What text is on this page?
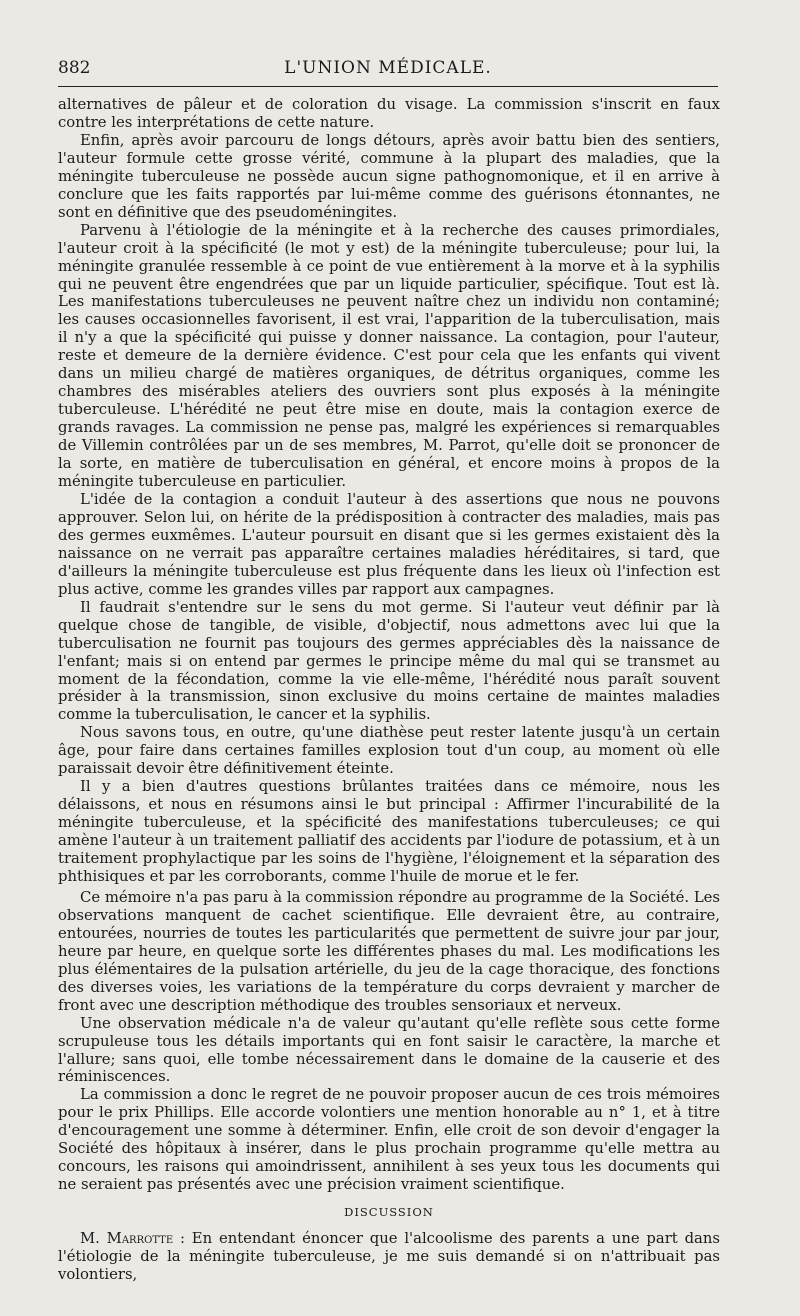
882	L'UNION MÉDICALE.

alternatives de pâleur et de coloration du visage. La commission s'inscrit en faux contre les interprétations de cette nature.

Enfin, après avoir parcouru de longs détours, après avoir battu bien des sentiers, l'auteur formule cette grosse vérité, commune à la plupart des maladies, que la méningite tuberculeuse ne possède aucun signe pathognomonique, et il en arrive à conclure que les faits rapportés par lui-même comme des guérisons étonnantes, ne sont en définitive que des pseudoméningites.

Parvenu à l'étiologie de la méningite et à la recherche des causes primordiales, l'auteur croit à la spécificité (le mot y est) de la méningite tuberculeuse; pour lui, la méningite granulée ressemble à ce point de vue entièrement à la morve et à la syphilis qui ne peuvent être engendrées que par un liquide particulier, spécifique. Tout est là. Les manifestations tuberculeuses ne peuvent naître chez un individu non contaminé; les causes occasionnelles favorisent, il est vrai, l'apparition de la tuberculisation, mais il n'y a que la spécificité qui puisse y donner naissance. La contagion, pour l'auteur, reste et demeure de la dernière évidence. C'est pour cela que les enfants qui vivent dans un milieu chargé de matières organiques, de détritus organiques, comme les chambres des misérables ateliers des ouvriers sont plus exposés à la méningite tuberculeuse. L'hérédité ne peut être mise en doute, mais la contagion exerce de grands ravages. La commission ne pense pas, malgré les expériences si remarquables de Villemin contrôlées par un de ses membres, M. Parrot, qu'elle doit se prononcer de la sorte, en matière de tuberculisation en général, et encore moins à propos de la méningite tuberculeuse en particulier.

L'idée de la contagion a conduit l'auteur à des assertions que nous ne pouvons approuver. Selon lui, on hérite de la prédisposition à contracter des maladies, mais pas des germes euxmêmes. L'auteur poursuit en disant que si les germes existaient dès la naissance on ne verrait pas apparaître certaines maladies héréditaires, si tard, que d'ailleurs la méningite tuberculeuse est plus fréquente dans les lieux où l'infection est plus active, comme les grandes villes par rapport aux campagnes.

Il faudrait s'entendre sur le sens du mot germe. Si l'auteur veut définir par là quelque chose de tangible, de visible, d'objectif, nous admettons avec lui que la tuberculisation ne fournit pas toujours des germes appréciables dès la naissance de l'enfant; mais si on entend par germes le principe même du mal qui se transmet au moment de la fécondation, comme la vie elle-même, l'hérédité nous paraît souvent présider à la transmission, sinon exclusive du moins certaine de maintes maladies comme la tuberculisation, le cancer et la syphilis.

Nous savons tous, en outre, qu'une diathèse peut rester latente jusqu'à un certain âge, pour faire dans certaines familles explosion tout d'un coup, au moment où elle paraissait devoir être définitivement éteinte.

Il y a bien d'autres questions brûlantes traitées dans ce mémoire, nous les délaissons, et nous en résumons ainsi le but principal : Affirmer l'incurabilité de la méningite tuberculeuse, et la spécificité des manifestations tuberculeuses; ce qui amène l'auteur à un traitement palliatif des accidents par l'iodure de potassium, et à un traitement prophylactique par les soins de l'hygiène, l'éloignement et la séparation des phthisiques et par les corroborants, comme l'huile de morue et le fer.

Ce mémoire n'a pas paru à la commission répondre au programme de la Société. Les observations manquent de cachet scientifique. Elle devraient être, au contraire, entourées, nourries de toutes les particularités que permettent de suivre jour par jour, heure par heure, en quelque sorte les différentes phases du mal. Les modifications les plus élémentaires de la pulsation artérielle, du jeu de la cage thoracique, des fonctions des diverses voies, les variations de la température du corps devraient y marcher de front avec une description méthodique des troubles sensoriaux et nerveux.

Une observation médicale n'a de valeur qu'autant qu'elle reflète sous cette forme scrupuleuse tous les détails importants qui en font saisir le caractère, la marche et l'allure; sans quoi, elle tombe nécessairement dans le domaine de la causerie et des réminiscences.

La commission a donc le regret de ne pouvoir proposer aucun de ces trois mémoires pour le prix Phillips. Elle accorde volontiers une mention honorable au n° 1, et à titre d'encouragement une somme à déterminer. Enfin, elle croit de son devoir d'engager la Société des hôpitaux à insérer, dans le plus prochain programme qu'elle mettra au concours, les raisons qui amoindrissent, annihilent à ses yeux tous les documents qui ne seraient pas présentés avec une précision vraiment scientifique.

DISCUSSION

M. Marrotte : En entendant énoncer que l'alcoolisme des parents a une part dans l'étiologie de la méningite tuberculeuse, je me suis demandé si on n'attribuait pas volontiers,
